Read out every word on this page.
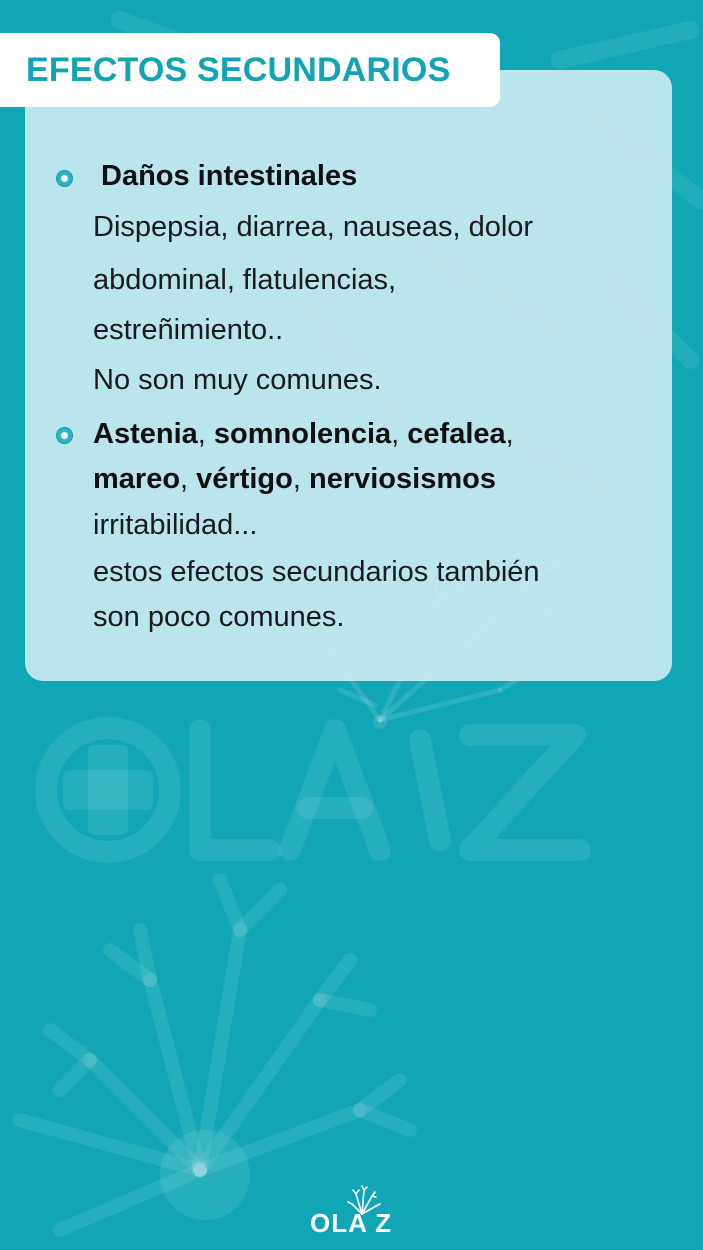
Daños intestinales
Dispepsia, diarrea, nauseas, dolor
abdominal, flatulencias,
estreñimiento..
No son muy comunes.
Astenia, somnolencia, cefalea,
mareo, vértigo, nerviosismos
irritabilidad...
estos efectos secundarios también
son poco comunes.
EFECTOS SECUNDARIOS
OLA Z
